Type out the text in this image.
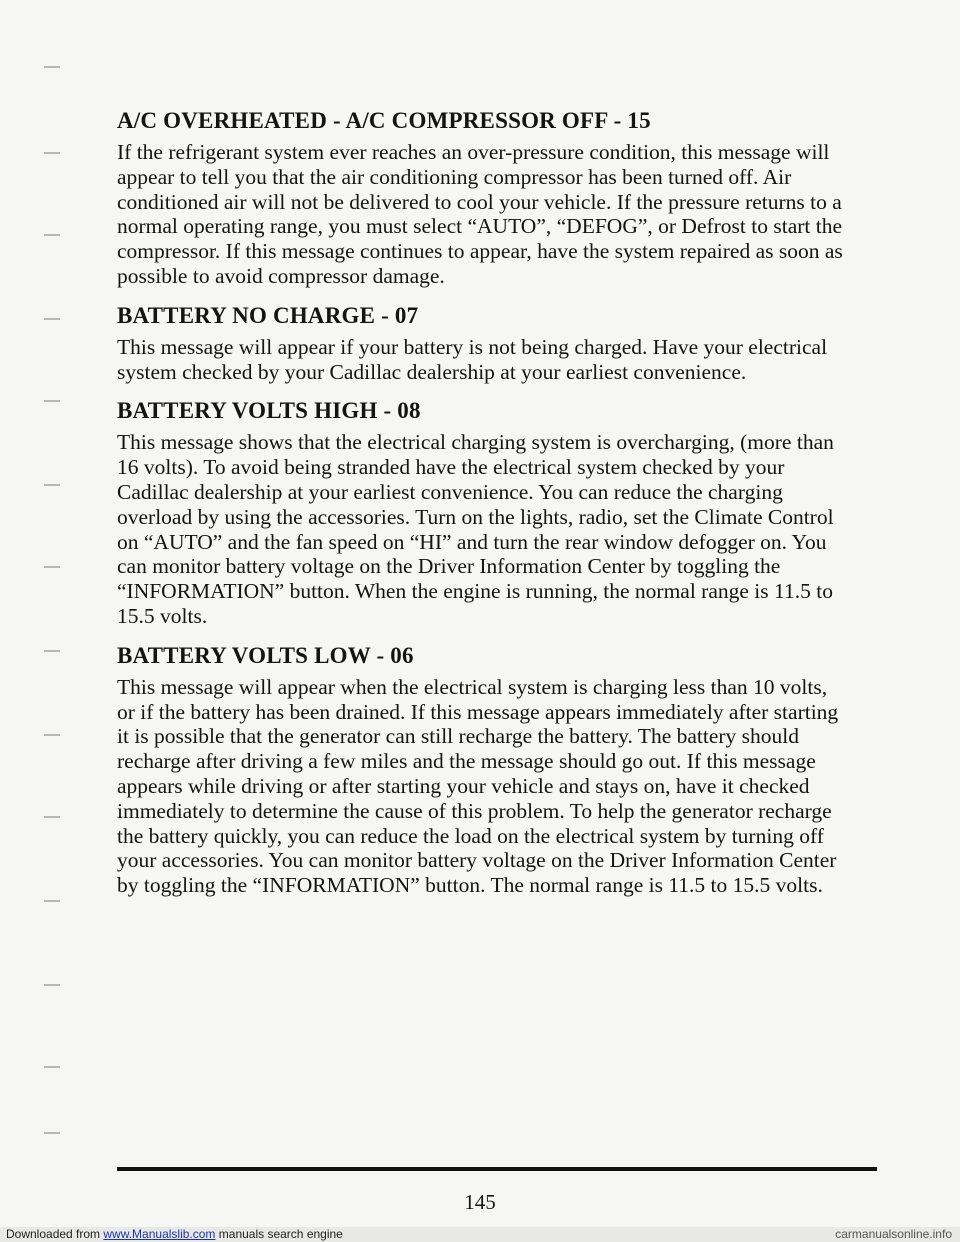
A/C OVERHEATED - A/C COMPRESSOR OFF - 15

If the refrigerant system ever reaches an over-pressure condition, this message will appear to tell you that the air conditioning compressor has been turned off. Air conditioned air will not be delivered to cool your vehicle. If the pressure returns to a normal operating range, you must select “AUTO”, “DEFOG”, or Defrost to start the compressor. If this message continues to appear, have the system repaired as soon as possible to avoid compressor damage.

BATTERY NO CHARGE - 07

This message will appear if your battery is not being charged. Have your electrical system checked by your Cadillac dealership at your earliest convenience.

BATTERY VOLTS HIGH - 08

This message shows that the electrical charging system is overcharging, (more than 16 volts). To avoid being stranded have the electrical system checked by your Cadillac dealership at your earliest convenience. You can reduce the charging overload by using the accessories. Turn on the lights, radio, set the Climate Control on “AUTO” and the fan speed on “HI” and turn the rear window defogger on. You can monitor battery voltage on the Driver Information Center by toggling the “INFORMATION” button. When the engine is running, the normal range is 11.5 to 15.5 volts.

BATTERY VOLTS LOW - 06

This message will appear when the electrical system is charging less than 10 volts, or if the battery has been drained. If this message appears immediately after starting it is possible that the generator can still recharge the battery. The battery should recharge after driving a few miles and the message should go out. If this message appears while driving or after starting your vehicle and stays on, have it checked immediately to determine the cause of this problem. To help the generator recharge the battery quickly, you can reduce the load on the electrical system by turning off your accessories. You can monitor battery voltage on the Driver Information Center by toggling the “INFORMATION” button. The normal range is 11.5 to 15.5 volts.

145
Downloaded from www.Manualslib.com manuals search engine	carmanualsonline.info
